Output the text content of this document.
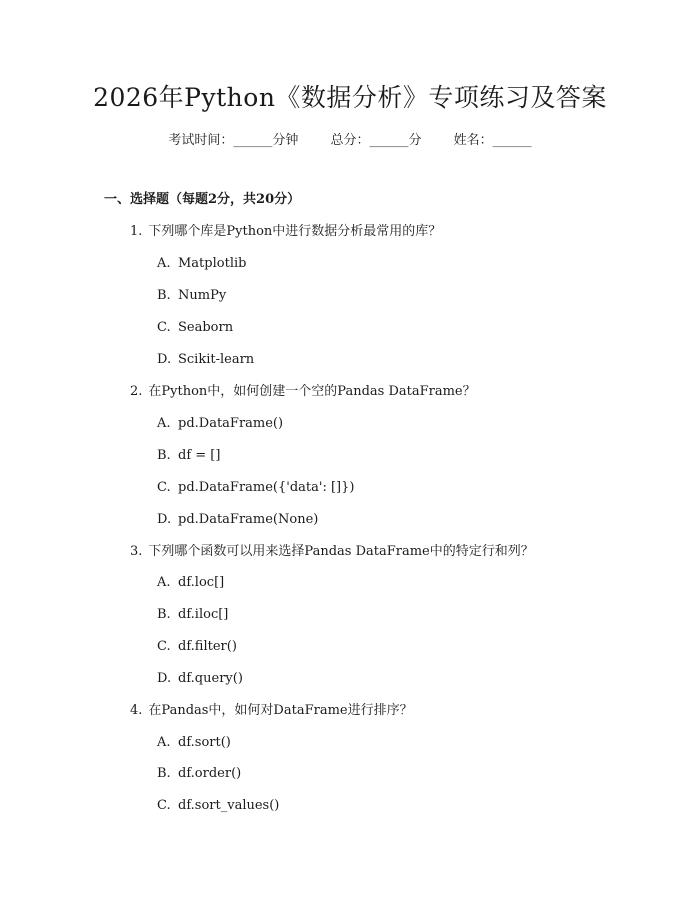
2026年Python《数据分析》专项练习及答案
考试时间：______分钟 总分：______分 姓名：______
一、选择题（每题2分，共20分）
1. 下列哪个库是Python中进行数据分析最常用的库？
A. Matplotlib
B. NumPy
C. Seaborn
D. Scikit-learn
2. 在Python中，如何创建一个空的Pandas DataFrame？
A. pd.DataFrame()
B. df = []
C. pd.DataFrame({'data': []})
D. pd.DataFrame(None)
3. 下列哪个函数可以用来选择Pandas DataFrame中的特定行和列？
A. df.loc[]
B. df.iloc[]
C. df.filter()
D. df.query()
4. 在Pandas中，如何对DataFrame进行排序？
A. df.sort()
B. df.order()
C. df.sort_values()
